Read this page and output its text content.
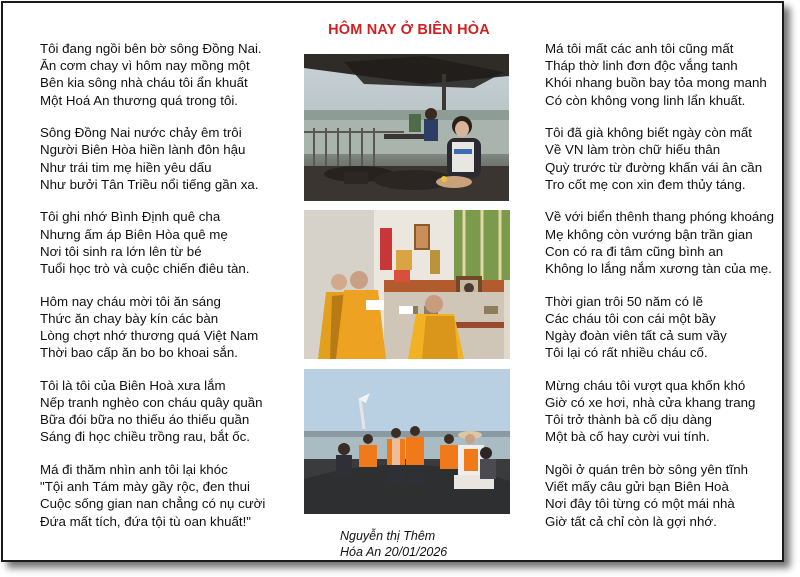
HÔM NAY Ở BIÊN HÒA
Tôi đang ngồi bên bờ sông Đồng Nai.
Ăn cơm chay vì hôm nay mồng một
Bên kia sông nhà cháu tôi ẩn khuất
Một Hoá An thương quá trong tôi.
Sông Đồng Nai nước chảy êm trôi
Người Biên Hòa hiền lành đôn hậu
Như trái tim mẹ hiền yêu dấu
Như bưởi Tân Triều nổi tiếng gần xa.
Tôi ghi nhớ Bình Định quê cha
Nhưng ấm áp Biên Hòa quê mẹ
Nơi tôi sinh ra lớn lên từ bé
Tuổi học trò và cuộc chiến điêu tàn.
Hôm nay cháu mời tôi ăn sáng
Thức ăn chay bày kín các bàn
Lòng chợt nhớ thương quá Việt Nam
Thời bao cấp ăn bo bo khoai sắn.
Tôi là tôi của Biên Hoà xưa lắm
Nếp tranh nghèo con cháu quây quần
Bữa đói bữa no thiếu áo thiếu quần
Sáng đi học chiều trồng rau, bắt ốc.
Má đi thăm nhìn anh tôi lại khóc
"Tội anh Tám mày gầy rộc, đen thui
Cuộc sống gian nan chẳng có nụ cười
Đứa mất tích, đứa tội tù oan khuất!"
Má tôi mất các anh tôi cũng mất
Tháp thờ linh đơn độc vắng tanh
Khói nhang buồn bay tỏa mong manh
Có còn không vong linh lẩn khuất.
Tôi đã già không biết ngày còn mất
Về VN làm tròn chữ hiếu thân
Quỳ trước từ đường khấn vái ân cần
Tro cốt mẹ con xin đem thủy táng.
Về với biển thênh thang phóng khoáng
Mẹ không còn vướng bận trần gian
Con có ra đi tâm cũng bình an
Không lo lắng nắm xương tàn của mẹ.
Thời gian trôi 50 năm có lẽ
Các cháu tôi con cái một bầy
Ngày đoàn viên tất cả sum vầy
Tôi lại có rất nhiều cháu cố.
Mừng cháu tôi vượt qua khốn khó
Giờ có xe hơi, nhà cửa khang trang
Tôi trở thành bà cố dịu dàng
Một bà cố hay cười vui tính.
Ngồi ở quán trên bờ sông yên tĩnh
Viết mấy câu gửi bạn Biên Hoà
Nơi đây tôi từng có một mái nhà
Giờ tất cả chỉ còn là gợi nhớ.
Nguyễn thị Thêm
Hóa An 20/01/2026
